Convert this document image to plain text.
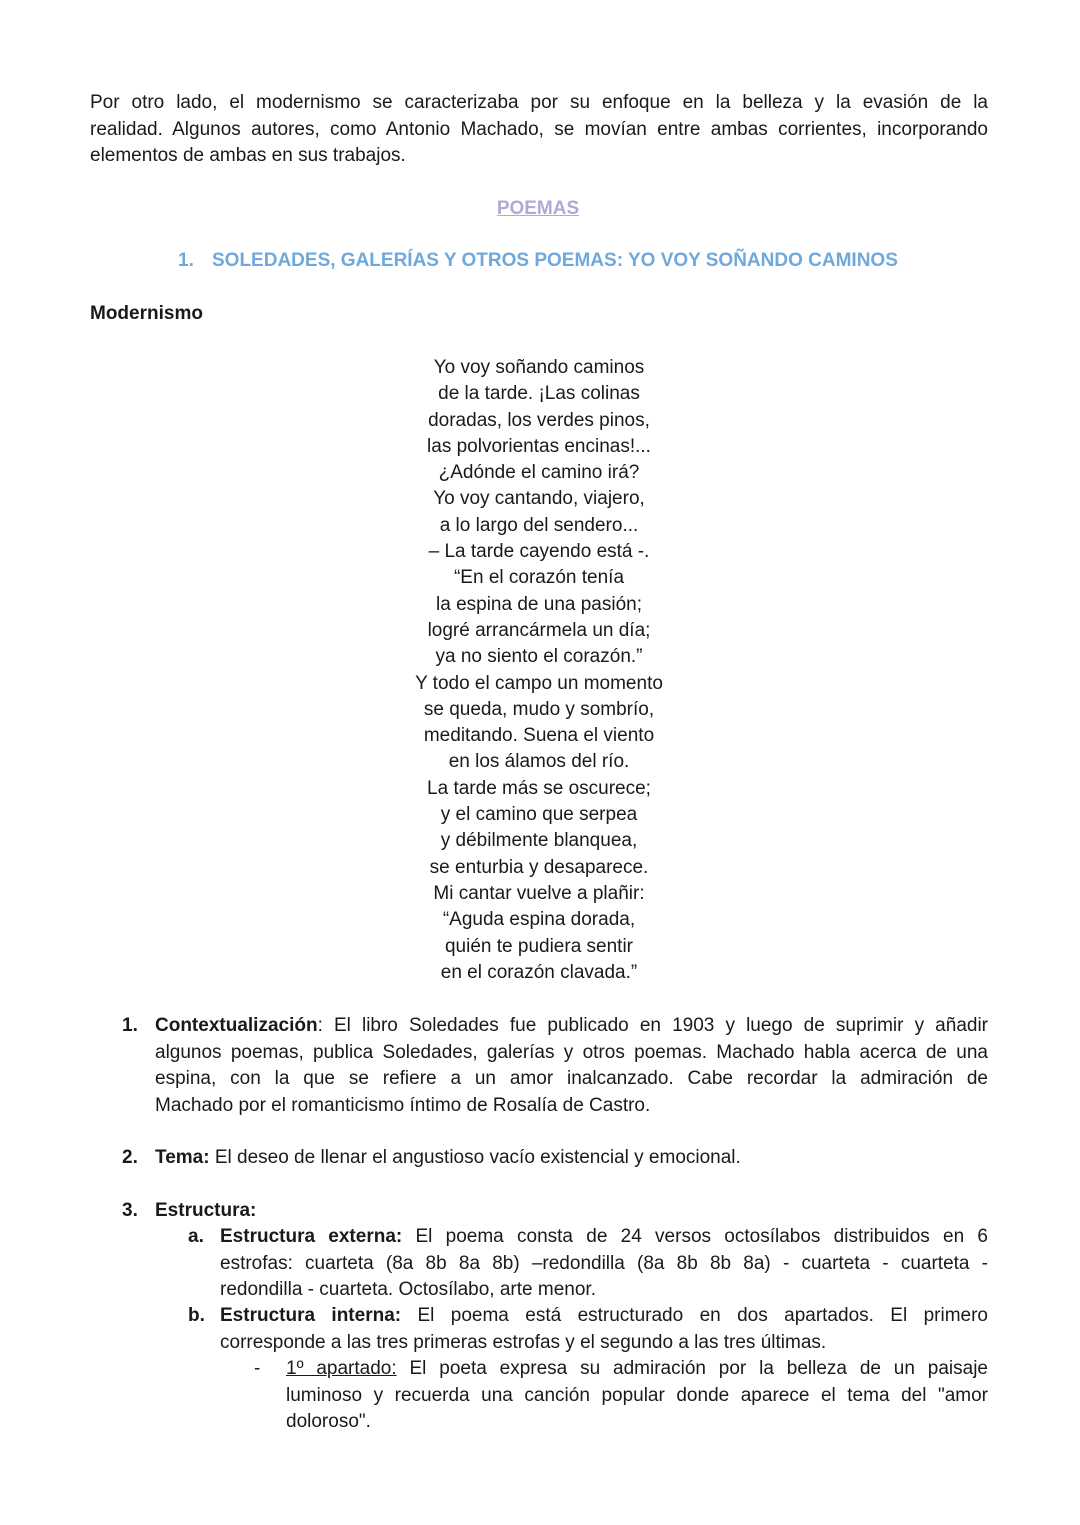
Por otro lado, el modernismo se caracterizaba por su enfoque en la belleza y la evasión de la
realidad. Algunos autores, como Antonio Machado, se movían entre ambas corrientes, incorporando
elementos de ambas en sus trabajos.

POEMAS
1. SOLEDADES, GALERÍAS Y OTROS POEMAS: YO VOY SOÑANDO CAMINOS
Modernismo
Yo voy soñando caminos
de la tarde. ¡Las colinas
doradas, los verdes pinos,
las polvorientas encinas!...
¿Adónde el camino irá?
Yo voy cantando, viajero,
a lo largo del sendero...
– La tarde cayendo está -.
“En el corazón tenía
la espina de una pasión;
logré arrancármela un día;
ya no siento el corazón.”
Y todo el campo un momento
se queda, mudo y sombrío,
meditando. Suena el viento
en los álamos del río.
La tarde más se oscurece;
y el camino que serpea
y débilmente blanquea,
se enturbia y desaparece.
Mi cantar vuelve a plañir:
“Aguda espina dorada,
quién te pudiera sentir
en el corazón clavada.”
1. Contextualización: El libro Soledades fue publicado en 1903 y luego de suprimir y añadir
algunos poemas, publica Soledades, galerías y otros poemas. Machado habla acerca de una
espina, con la que se refiere a un amor inalcanzado. Cabe recordar la admiración de
Machado por el romanticismo íntimo de Rosalía de Castro.
2. Tema: El deseo de llenar el angustioso vacío existencial y emocional.
3. Estructura:
a. Estructura externa: El poema consta de 24 versos octosílabos distribuidos en 6
estrofas: cuarteta (8a 8b 8a 8b) –redondilla (8a 8b 8b 8a) - cuarteta - cuarteta -
redondilla - cuarteta. Octosílabo, arte menor.
b. Estructura interna: El poema está estructurado en dos apartados. El primero
corresponde a las tres primeras estrofas y el segundo a las tres últimas.
- 1º apartado: El poeta expresa su admiración por la belleza de un paisaje
luminoso y recuerda una canción popular donde aparece el tema del "amor
doloroso".
